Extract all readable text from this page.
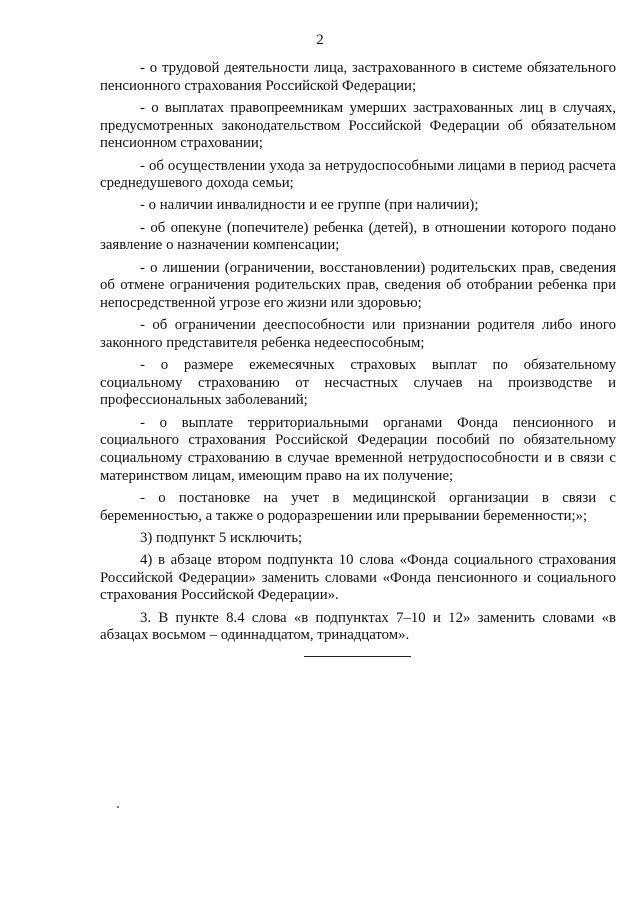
2

- о трудовой деятельности лица, застрахованного в системе обязательного пенсионного страхования Российской Федерации;

- о выплатах правопреемникам умерших застрахованных лиц в случаях, предусмотренных законодательством Российской Федерации об обязательном пенсионном страховании;

- об осуществлении ухода за нетрудоспособными лицами в период расчета среднедушевого дохода семьи;

- о наличии инвалидности и ее группе (при наличии);

- об опекуне (попечителе) ребенка (детей), в отношении которого подано заявление о назначении компенсации;

- о лишении (ограничении, восстановлении) родительских прав, сведения об отмене ограничения родительских прав, сведения об отобрании ребенка при непосредственной угрозе его жизни или здоровью;

- об ограничении дееспособности или признании родителя либо иного законного представителя ребенка недееспособным;

- о размере ежемесячных страховых выплат по обязательному социальному страхованию от несчастных случаев на производстве и профессиональных заболеваний;

- о выплате территориальными органами Фонда пенсионного и социального страхования Российской Федерации пособий по обязательному социальному страхованию в случае временной нетрудоспособности и в связи с материнством лицам, имеющим право на их получение;

- о постановке на учет в медицинской организации в связи с беременностью, а также о родоразрешении или прерывании беременности;»;

3) подпункт 5 исключить;

4) в абзаце втором подпункта 10 слова «Фонда социального страхования Российской Федерации» заменить словами «Фонда пенсионного и социального страхования Российской Федерации».

3. В пункте 8.4 слова «в подпунктах 7–10 и 12» заменить словами «в абзацах восьмом – одиннадцатом, тринадцатом».
